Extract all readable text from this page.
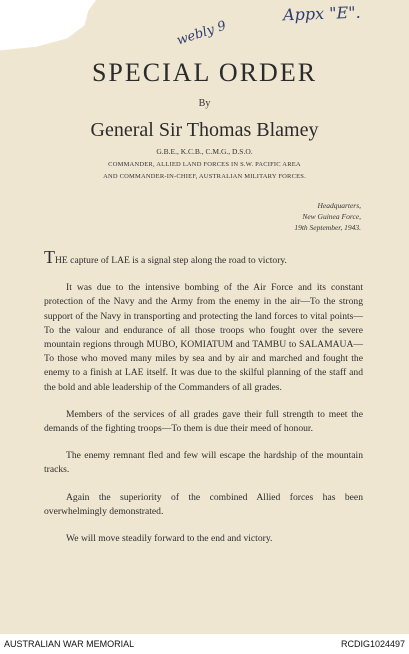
Appx "E".
webly 9
SPECIAL ORDER
By
General Sir Thomas Blamey
G.B.E., K.C.B., C.M.G., D.S.O.
COMMANDER, ALLIED LAND FORCES IN S.W. PACIFIC AREA
AND COMMANDER-IN-CHIEF, AUSTRALIAN MILITARY FORCES.
Headquarters,
New Guinea Force,
19th September, 1943.

THE capture of LAE is a signal step along the road to victory.

It was due to the intensive bombing of the Air Force and its constant protection of the Navy and the Army from the enemy in the air—To the strong support of the Navy in transporting and protecting the land forces to vital points—To the valour and endurance of all those troops who fought over the severe mountain regions through MUBO, KOMIATUM and TAMBU to SALAMAUA—To those who moved many miles by sea and by air and marched and fought the enemy to a finish at LAE itself. It was due to the skilful planning of the staff and the bold and able leadership of the Commanders of all grades.

Members of the services of all grades gave their full strength to meet the demands of the fighting troops—To them is due their meed of honour.

The enemy remnant fled and few will escape the hardship of the mountain tracks.

Again the superiority of the combined Allied forces has been overwhelmingly demonstrated.

We will move steadily forward to the end and victory.

AUSTRALIAN WAR MEMORIAL	RCDIG1024497
